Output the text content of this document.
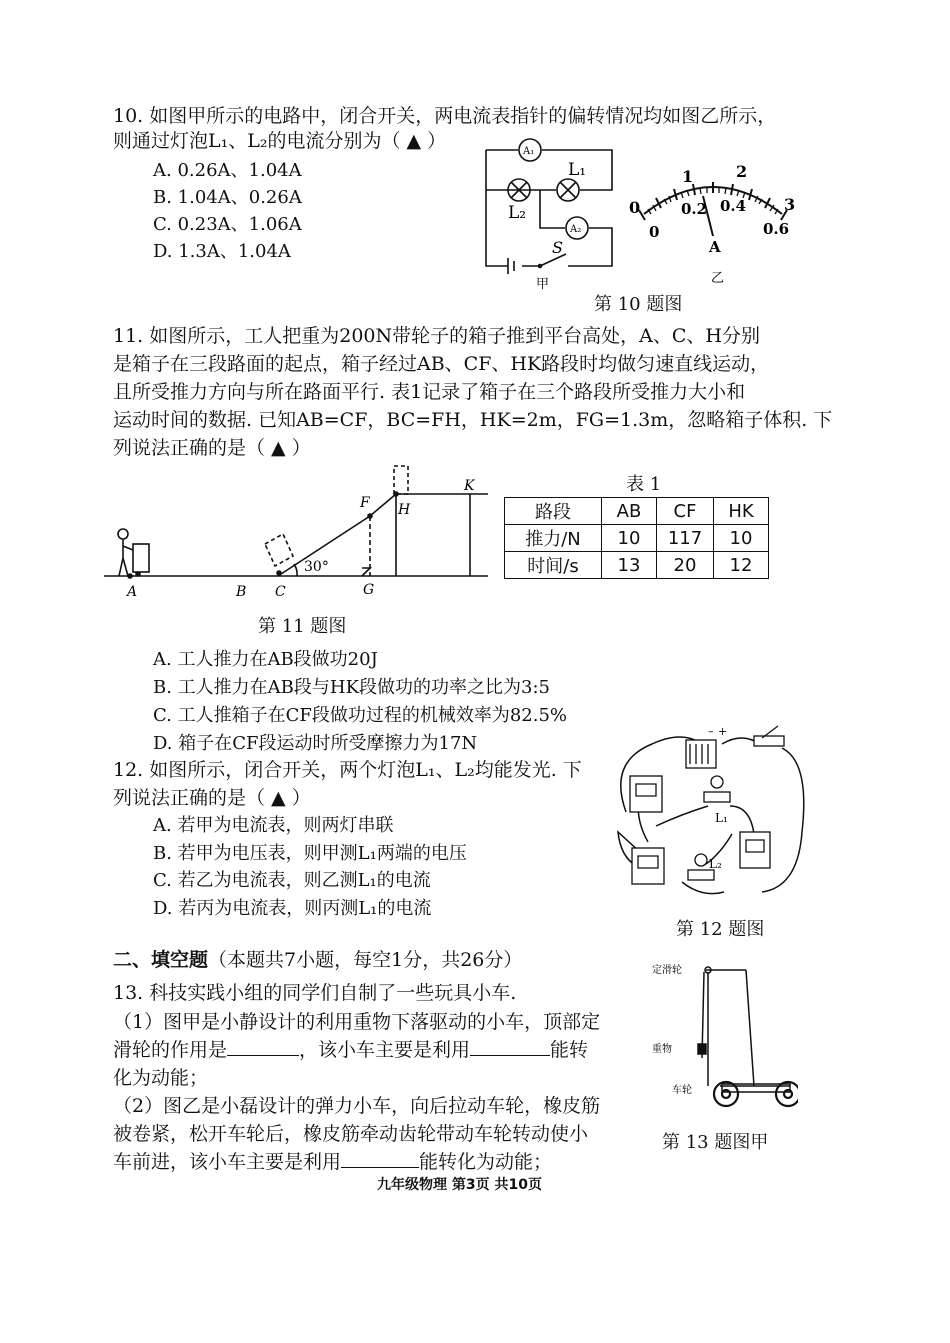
10. 如图甲所示的电路中，闭合开关，两电流表指针的偏转情况均如图乙所示，
则通过灯泡L₁、L₂的电流分别为（ ▲ ）
A. 0.26A、1.04A
B. 1.04A、0.26A
C. 0.23A、1.06A
D. 1.3A、1.04A
A₁
A₂
L₁
L₂
S
甲
0
1	2
3
0
0.2 0.4
0.6
A
乙
第 10 题图
11. 如图所示，工人把重为200N带轮子的箱子推到平台高处，A、C、H分别
是箱子在三段路面的起点，箱子经过AB、CF、HK路段时均做匀速直线运动，
且所受推力方向与所在路面平行. 表1记录了箱子在三个路段所受推力大小和
运动时间的数据. 已知AB=CF，BC=FH，HK=2m，FG=1.3m，忽略箱子体积. 下
列说法正确的是（ ▲ ）
A	B C	G
F H
K
30°
第 11 题图
表 1
路段	AB	CF	HK
推力/N	10	117	10
时间/s	13	20	12
A. 工人推力在AB段做功20J
B. 工人推力在AB段与HK段做功的功率之比为3:5
C. 工人推箱子在CF段做功过程的机械效率为82.5%
D. 箱子在CF段运动时所受摩擦力为17N
12. 如图所示，闭合开关，两个灯泡L₁、L₂均能发光. 下
列说法正确的是（ ▲ ）
A. 若甲为电流表，则两灯串联
B. 若甲为电压表，则甲测L₁两端的电压
C. 若乙为电流表，则乙测L₁的电流
D. 若丙为电流表，则丙测L₁的电流
– +
L₁
L₂
第 12 题图
二、填空题（本题共7小题，每空1分，共26分）
13. 科技实践小组的同学们自制了一些玩具小车.
（1）图甲是小静设计的利用重物下落驱动的小车，顶部定
滑轮的作用是	，该小车主要是利用	能转
化为动能；
（2）图乙是小磊设计的弹力小车，向后拉动车轮，橡皮筋
被卷紧，松开车轮后，橡皮筋牵动齿轮带动车轮转动使小
车前进，该小车主要是利用	能转化为动能；
定滑轮
重物
车轮
第 13 题图甲
九年级物理 第3页 共10页
